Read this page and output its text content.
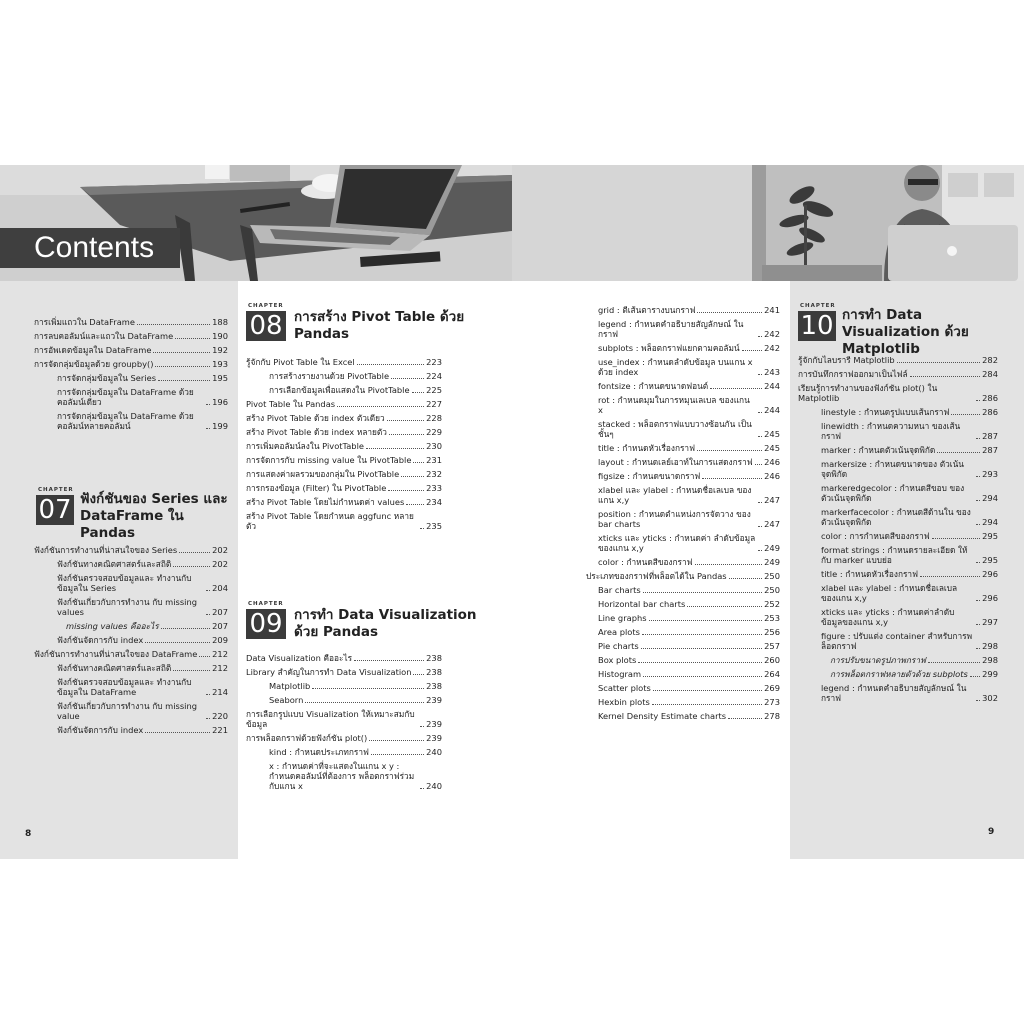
Contents
การเพิ่มแถวใน DataFrame	188
การลบคอลัมน์และแถวใน DataFrame	190
การอัพเดตข้อมูลใน DataFrame	192
การจัดกลุ่มข้อมูลด้วย groupby()	193
การจัดกลุ่มข้อมูลใน Series	195
การจัดกลุ่มข้อมูลใน DataFrame ด้วยคอลัมน์เดียว	196
การจัดกลุ่มข้อมูลใน DataFrame ด้วยคอลัมน์หลายคอลัมน์	199
CHAPTER
07 ฟังก์ชันของ Series และ DataFrame ใน Pandas
ฟังก์ชันการทำงานที่น่าสนใจของ Series	202
ฟังก์ชันทางคณิตศาสตร์และสถิติ	202
ฟังก์ชันตรวจสอบข้อมูลและ ทำงานกับข้อมูลใน Series	204
ฟังก์ชันเกี่ยวกับการทำงาน กับ missing values	207
missing values คืออะไร	207
ฟังก์ชันจัดการกับ index	209
ฟังก์ชันการทำงานที่น่าสนใจของ DataFrame 212
ฟังก์ชันทางคณิตศาสตร์และสถิติ	212
ฟังก์ชันตรวจสอบข้อมูลและ ทำงานกับข้อมูลใน DataFrame	214
ฟังก์ชันเกี่ยวกับการทำงาน กับ missing value	220
ฟังก์ชันจัดการกับ index	221
8
CHAPTER
08 การสร้าง Pivot Table ด้วย Pandas
รู้จักกับ Pivot Table ใน Excel	223
การสร้างรายงานด้วย PivotTable	224
การเลือกข้อมูลเพื่อแสดงใน PivotTable 225
Pivot Table ใน Pandas	227
สร้าง Pivot Table ด้วย index ตัวเดียว	228
สร้าง Pivot Table ด้วย index หลายตัว	229
การเพิ่มคอลัมน์ลงใน PivotTable	230
การจัดการกับ missing value ใน PivotTable 231
การแสดงค่าผลรวมของกลุ่มใน PivotTable	232
การกรองข้อมูล (Filter) ใน PivotTable	233
สร้าง Pivot Table โดยไม่กำหนดค่า values	234
สร้าง Pivot Table โดยกำหนด aggfunc หลายตัว	235
CHAPTER
09 การทำ Data Visualization ด้วย Pandas
Data Visualization คืออะไร	238
Library สำคัญในการทำ Data Visualization 238
Matplotlib	238
Seaborn	239
การเลือกรูปแบบ Visualization ให้เหมาะสมกับข้อมูล	239
การพล็อตกราฟด้วยฟังก์ชัน plot()	239
kind : กำหนดประเภทกราฟ	240
x : กำหนดค่าที่จะแสดงในแกน x y : กำหนดคอลัมน์ที่ต้องการ พล็อตกราฟร่วมกับแกน x	240
grid : ตีเส้นตารางบนกราฟ	241
legend : กำหนดคำอธิบายสัญลักษณ์ ในกราฟ	242
subplots : พล็อตกราฟแยกตามคอลัมน์	242
use_index : กำหนดลำดับข้อมูล บนแกน x ด้วย index	243
fontsize : กำหนดขนาดฟอนต์	244
rot : กำหนดมุมในการหมุนเลเบล ของแกน x	244
stacked : พล็อตกราฟแบบวางซ้อนกัน เป็นชั้นๆ	245
title : กำหนดหัวเรื่องกราฟ	245
layout : กำหนดเลย์เอาท์ในการแสดงกราฟ 246
figsize : กำหนดขนาดกราฟ	246
xlabel และ ylabel : กำหนดชื่อเลเบล ของแกน x,y	247
position : กำหนดตำแหน่งการจัดวาง ของ bar charts	247
xticks และ yticks : กำหนดค่า ลำดับข้อมูลของแกน x,y	249
color : กำหนดสีของกราฟ	249
ประเภทของกราฟที่พล็อตได้ใน Pandas	250
Bar charts	250
Horizontal bar charts	252
Line graphs	253
Area plots	256
Pie charts	257
Box plots	260
Histogram	264
Scatter plots	269
Hexbin plots	273
Kernel Density Estimate charts	278
CHAPTER
10 การทำ Data Visualization ด้วย Matplotlib
รู้จักกับไลบรารี Matplotlib	282
การบันทึกกราฟออกมาเป็นไฟล์	284
เรียนรู้การทำงานของฟังก์ชัน plot() ใน Matplotlib	286
linestyle : กำหนดรูปแบบเส้นกราฟ	286
linewidth : กำหนดความหนา ของเส้นกราฟ	287
marker : กำหนดตัวเน้นจุดพิกัด	287
markersize : กำหนดขนาดของ ตัวเน้นจุดพิกัด	293
markeredgecolor : กำหนดสีขอบ ของตัวเน้นจุดพิกัด	294
markerfacecolor : กำหนดสีด้านใน ของตัวเน้นจุดพิกัด	294
color : การกำหนดสีของกราฟ	295
format strings : กำหนดรายละเอียด ให้กับ marker แบบย่อ	295
title : กำหนดหัวเรื่องกราฟ	296
xlabel และ ylabel : กำหนดชื่อเลเบล ของแกน x,y	296
xticks และ yticks : กำหนดค่าลำดับ ข้อมูลของแกน x,y	297
figure : ปรับแต่ง container สำหรับการพล็อตกราฟ	298
การปรับขนาดรูปภาพกราฟ	298
การพล็อตกราฟหลายตัวด้วย subplots 299
legend : กำหนดคำอธิบายสัญลักษณ์ ในกราฟ	302
9
